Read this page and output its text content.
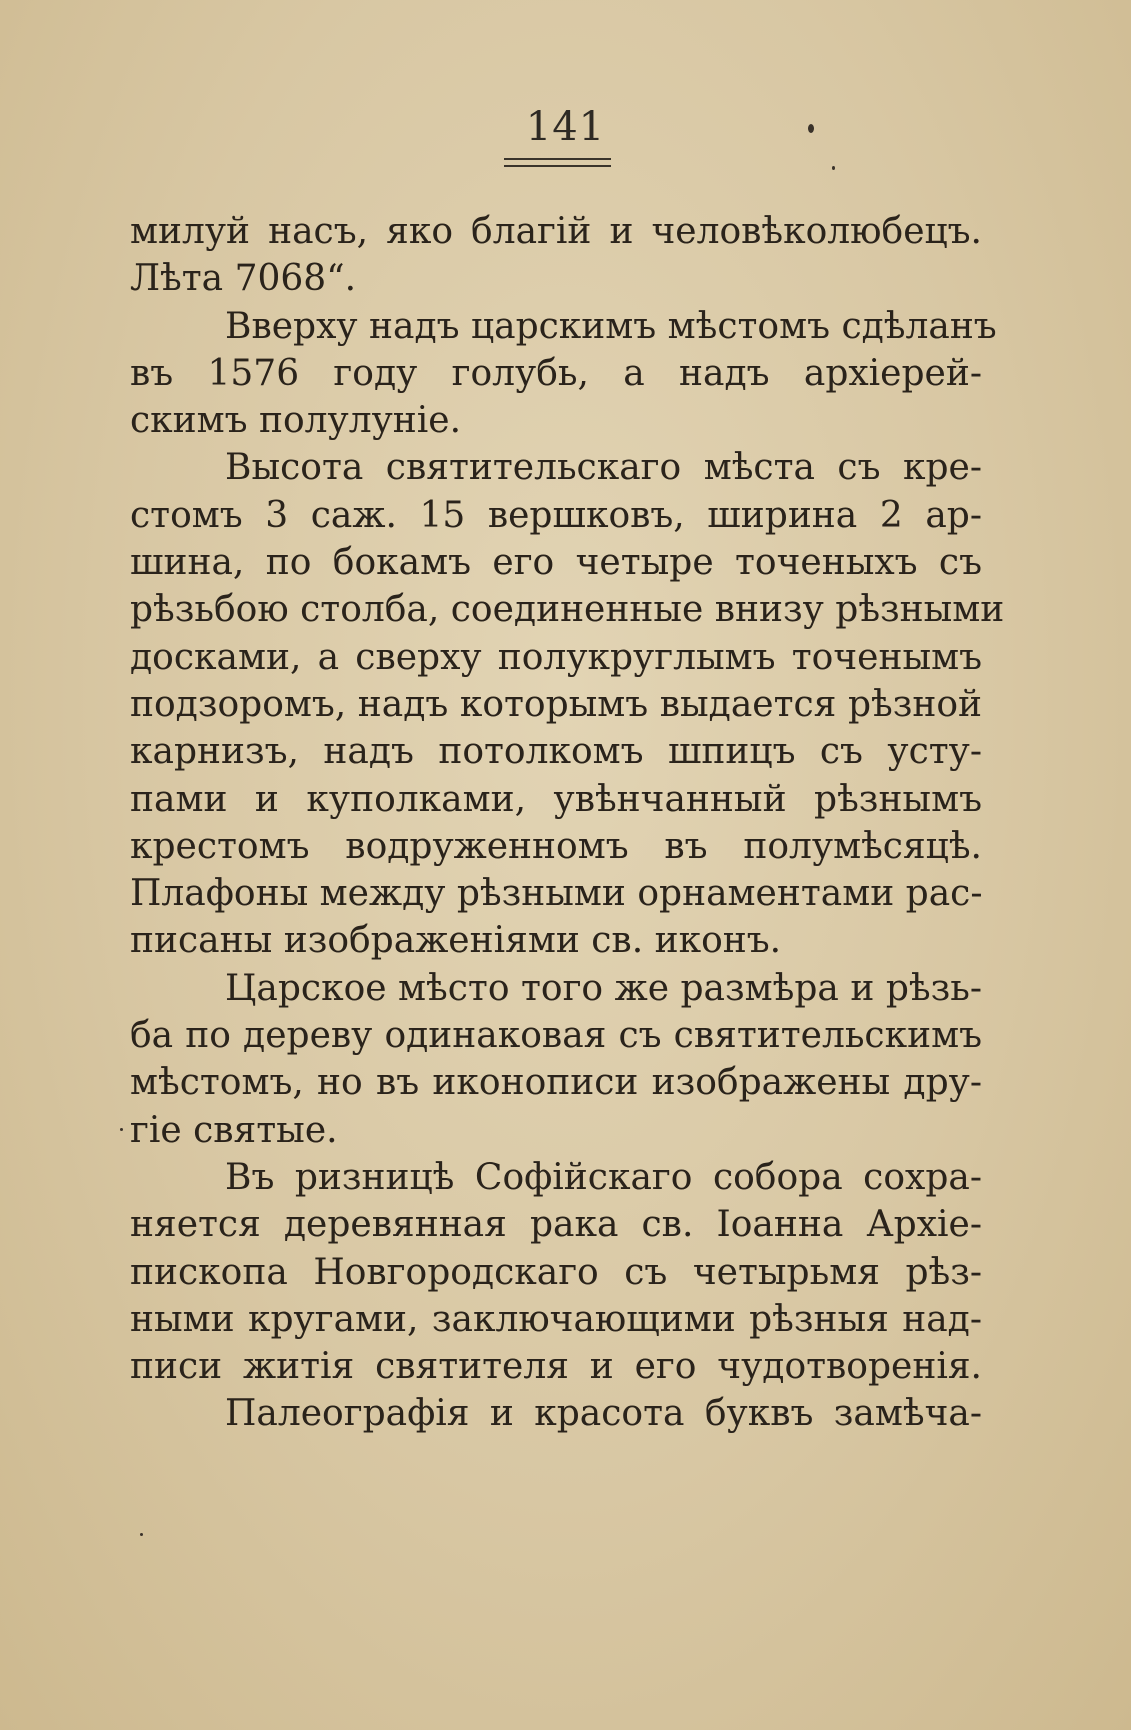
141
милуй насъ, яко благій и человѣколюбецъ.
Лѣта 7068“.
Вверху надъ царскимъ мѣстомъ сдѣланъ
въ 1576 году голубь, а надъ архіерей-
скимъ полулуніе.
Высота святительскаго мѣста съ кре-
стомъ 3 саж. 15 вершковъ, ширина 2 ар-
шина, по бокамъ его четыре точеныхъ съ
рѣзьбою столба, соединенные внизу рѣзными
досками, а сверху полукруглымъ точенымъ
подзоромъ, надъ которымъ выдается рѣзной
карнизъ, надъ потолкомъ шпицъ съ усту-
пами и куполками, увѣнчанный рѣзнымъ
крестомъ водруженномъ въ полумѣсяцѣ.
Плафоны между рѣзными орнаментами рас-
писаны изображеніями св. иконъ.
Царское мѣсто того же размѣра и рѣзь-
ба по дереву одинаковая съ святительскимъ
мѣстомъ, но въ иконописи изображены дру-
гіе святые.
Въ ризницѣ Софійскаго собора сохра-
няется деревянная рака св. Іоанна Архіе-
пископа Новгородскаго съ четырьмя рѣз-
ными кругами, заключающими рѣзныя над-
писи житія святителя и его чудотворенія.
Палеографія и красота буквъ замѣча-
